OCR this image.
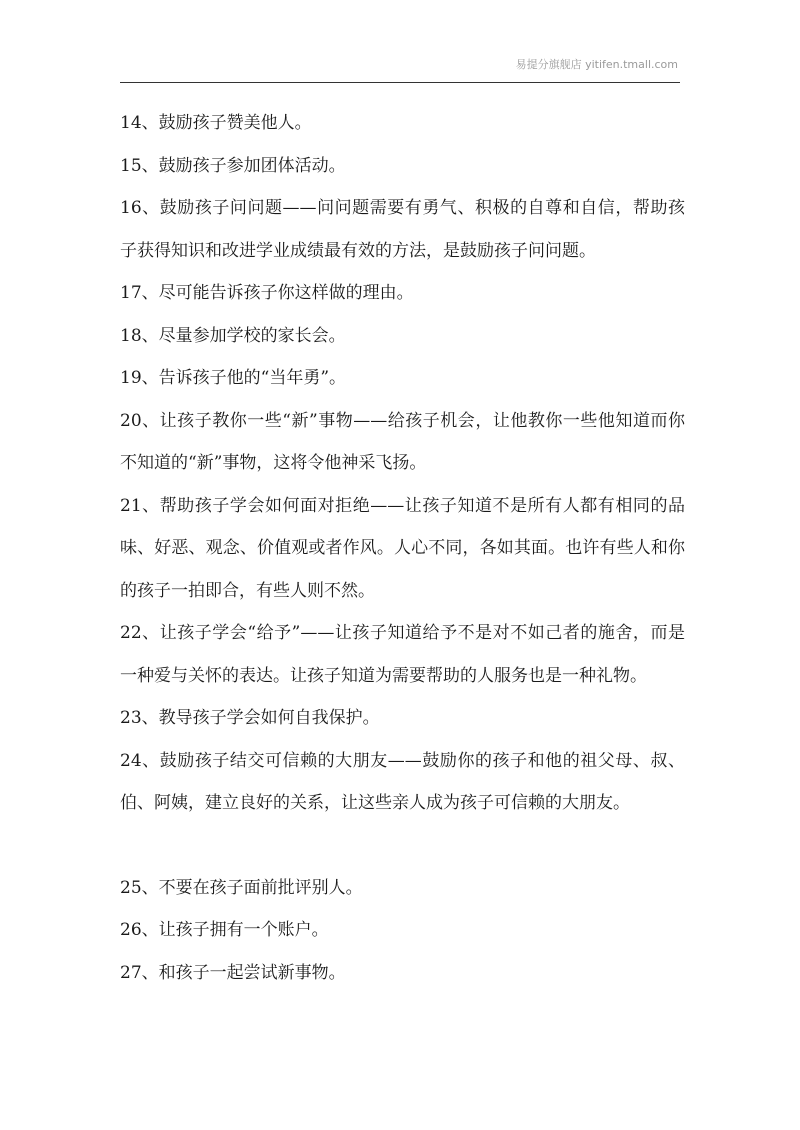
易提分旗舰店 yitifen.tmall.com

14、鼓励孩子赞美他人。

15、鼓励孩子参加团体活动。

16、鼓励孩子问问题——问问题需要有勇气、积极的自尊和自信，帮助孩子获得知识和改进学业成绩最有效的方法，是鼓励孩子问问题。

17、尽可能告诉孩子你这样做的理由。

18、尽量参加学校的家长会。

19、告诉孩子他的“当年勇”。

20、让孩子教你一些“新”事物——给孩子机会，让他教你一些他知道而你不知道的“新”事物，这将令他神采飞扬。

21、帮助孩子学会如何面对拒绝——让孩子知道不是所有人都有相同的品味、好恶、观念、价值观或者作风。人心不同，各如其面。也许有些人和你的孩子一拍即合，有些人则不然。

22、让孩子学会“给予”——让孩子知道给予不是对不如己者的施舍，而是一种爱与关怀的表达。让孩子知道为需要帮助的人服务也是一种礼物。

23、教导孩子学会如何自我保护。

24、鼓励孩子结交可信赖的大朋友——鼓励你的孩子和他的祖父母、叔、伯、阿姨，建立良好的关系，让这些亲人成为孩子可信赖的大朋友。

25、不要在孩子面前批评别人。

26、让孩子拥有一个账户。

27、和孩子一起尝试新事物。
